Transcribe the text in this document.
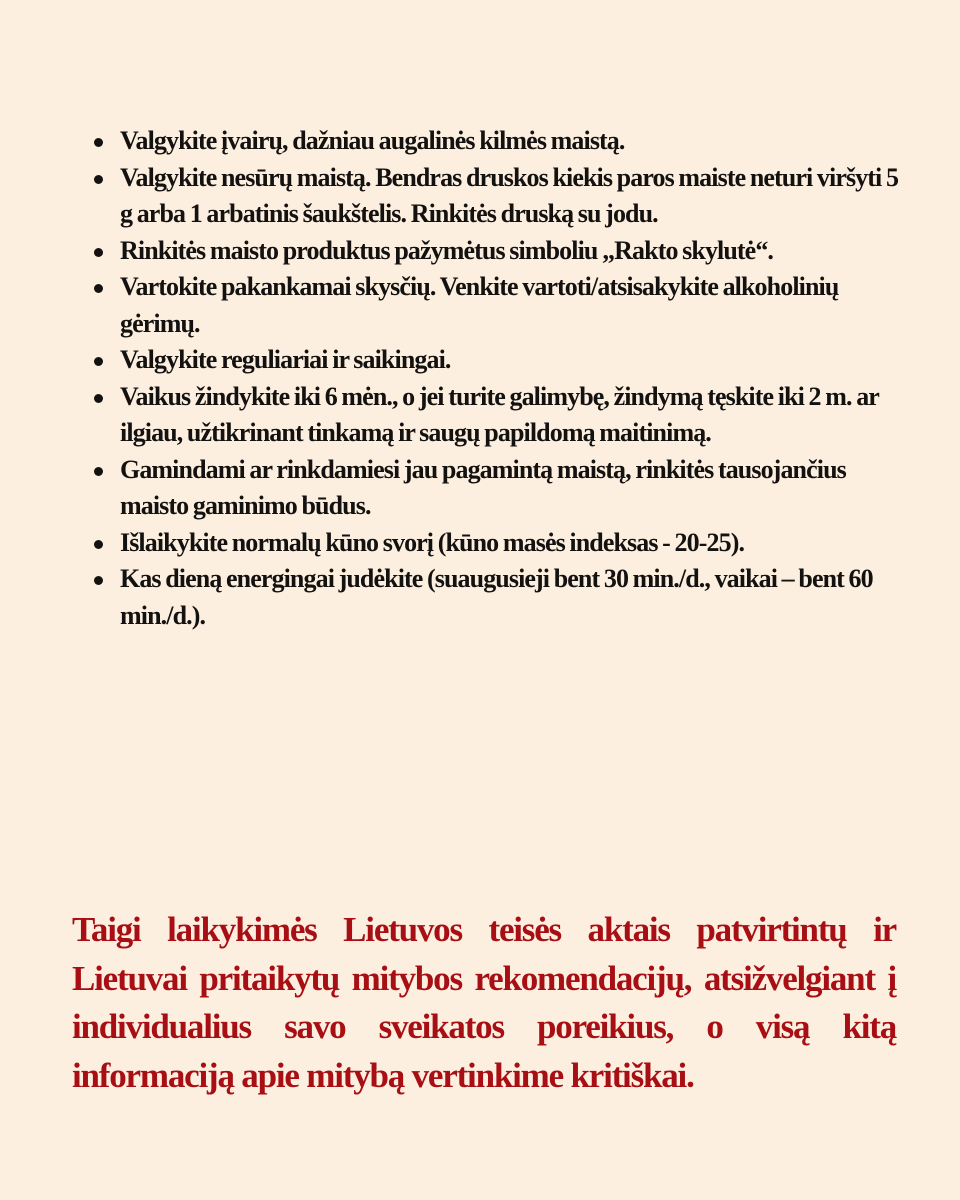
Valgykite įvairų, dažniau augalinės kilmės maistą.
Valgykite nesūrų maistą. Bendras druskos kiekis paros maiste neturi viršyti 5 g arba 1 arbatinis šaukštelis. Rinkitės druską su jodu.
Rinkitės maisto produktus pažymėtus simboliu „Rakto skylutė“.
Vartokite pakankamai skysčių. Venkite vartoti/atsisakykite alkoholinių gėrimų.
Valgykite reguliariai ir saikingai.
Vaikus žindykite iki 6 mėn., o jei turite galimybę, žindymą tęskite iki 2 m. ar ilgiau, užtikrinant tinkamą ir saugų papildomą maitinimą.
Gamindami ar rinkdamiesi jau pagamintą maistą, rinkitės tausojančius maisto gaminimo būdus.
Išlaikykite normalų kūno svorį (kūno masės indeksas - 20-25).
Kas dieną energingai judėkite (suaugusieji bent 30 min./d., vaikai – bent 60 min./d.).

Taigi laikykimės Lietuvos teisės aktais patvirtintų ir Lietuvai pritaikytų mitybos rekomendacijų, atsižvelgiant į individualius savo sveikatos poreikius, o visą kitą informaciją apie mitybą vertinkime kritiškai.
